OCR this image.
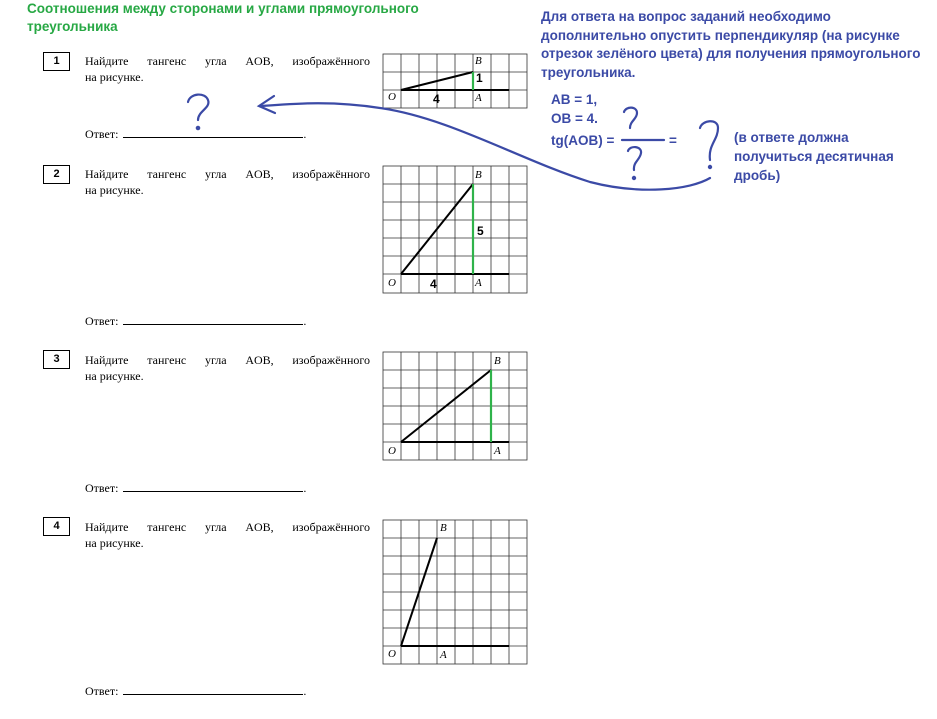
Соотношения между сторонами и углами прямоугольного треугольника
Для ответа на вопрос заданий необходимо дополнительно опустить перпендикуляр (на рисунке отрезок зелёного цвета) для получения прямоугольного треугольника.
AB = 1,
OB = 4.
tg(AOB) =	=	(в ответе должна получиться десятичная дробь)
1	Найдите тангенс угла AOB, изображённого
на рисунке.
Ответ:	.
2	Найдите тангенс угла AOB, изображённого
на рисунке.
Ответ:	.
3	Найдите тангенс угла AOB, изображённого
на рисунке.
Ответ:	.
4	Найдите тангенс угла AOB, изображённого
на рисунке.
Ответ:	.
B
O	A
1
4
B
O	A
5
4
B
O	A
B
O	A
